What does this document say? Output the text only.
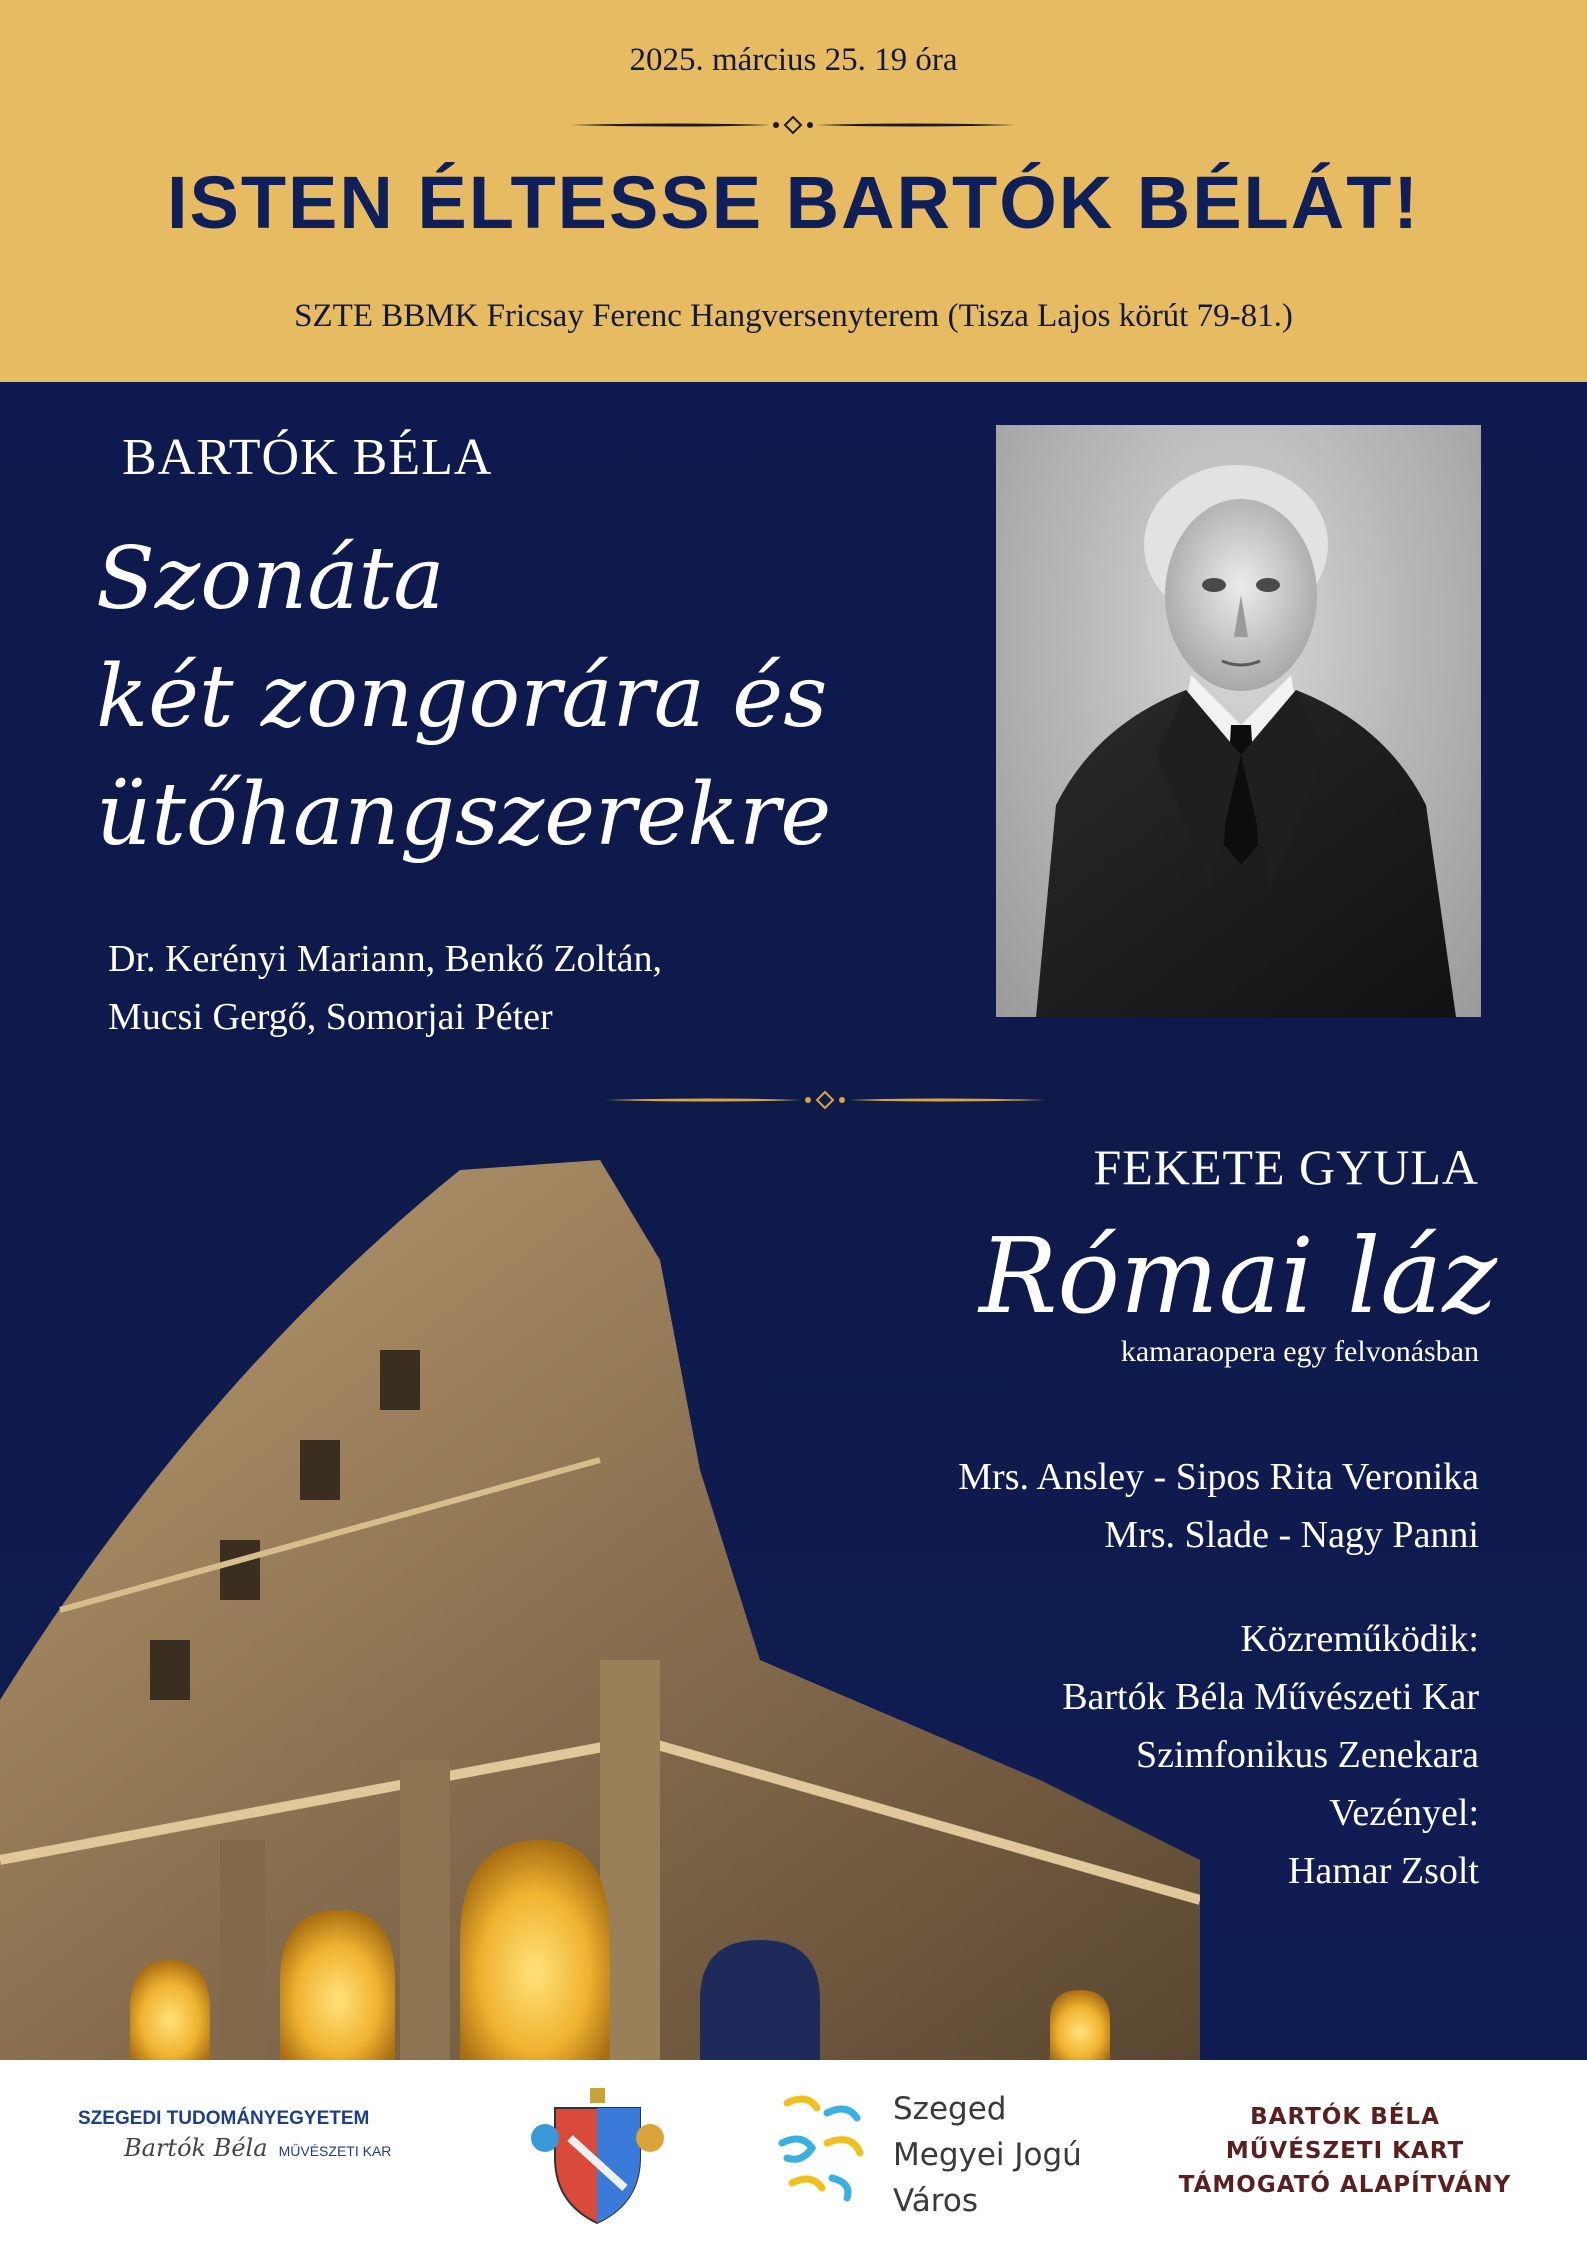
2025. március 25. 19 óra
ISTEN ÉLTESSE BARTÓK BÉLÁT!
SZTE BBMK Fricsay Ferenc Hangversenyterem (Tisza Lajos körút 79-81.)
BARTÓK BÉLA
Szonáta
két zongorára és
ütőhangszerekre
Dr. Kerényi Mariann, Benkő Zoltán,
Mucsi Gergő, Somorjai Péter
FEKETE GYULA
Római láz
kamaraopera egy felvonásban
Mrs. Ansley - Sipos Rita Veronika
Mrs. Slade - Nagy Panni
Közreműködik:
Bartók Béla Művészeti Kar
Szimfonikus Zenekara
Vezényel:
Hamar Zsolt
SZEGEDI TUDOMÁNYEGYETEM
Bartók Béla MŰVÉSZETI KAR
Szeged
Megyei Jogú
Város
BARTÓK BÉLA
MŰVÉSZETI KART
TÁMOGATÓ ALAPÍTVÁNY
